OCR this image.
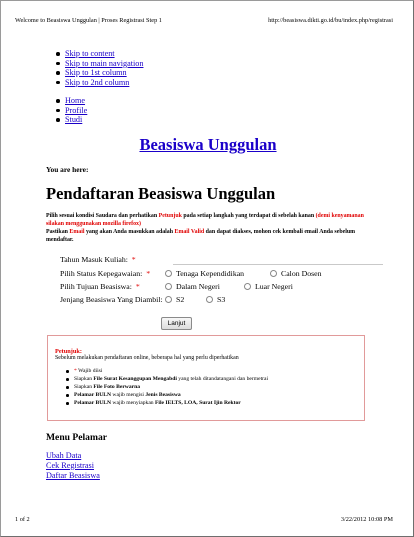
Welcome to Beasiswa Unggulan | Proses Registrasi Step 1	http://beasiswa.dikti.go.id/bu/index.php/registrasi
Skip to content
Skip to main navigation
Skip to 1st column
Skip to 2nd column
Home
Profile
Studi
Beasiswa Unggulan
You are here:
Pendaftaran Beasiswa Unggulan
Pilih sesuai kondisi Saudara dan perhatikan Petunjuk pada setiap langkah yang terdapat di sebelah kanan (demi kenyamanan silakan menggunakan mozilla firefox)
Pastikan Email yang akan Anda masukkan adalah Email Valid dan dapat diakses, mohon cek kembali email Anda sebelum mendaftar.
Tahun Masuk Kuliah: *
Pilih Status Kepegawaian: *	Tenaga Kependidikan	Calon Dosen
Pilih Tujuan Beasiswa: *	Dalam Negeri	Luar Negeri
Jenjang Beasiswa Yang Diambil:	S2	S3
Lanjut
Petunjuk:
Sebelum melakukan pendaftaran online, beberapa hal yang perlu diperhatikan
* Wajib diisi
Siapkan File Surat Kesanggupan Mengabdi yang telah ditandatangani dan bermetrai
Siapkan File Foto Berwarna
Pelamar BULN wajib mengisi Jenis Beasiswa
Pelamar BULN wajib menyiapkan File IELTS, LOA, Surat Ijin Rektor
Menu Pelamar
Ubah Data
Cek Registrasi
Daftar Beasiswa
1 of 2	3/22/2012 10:08 PM
